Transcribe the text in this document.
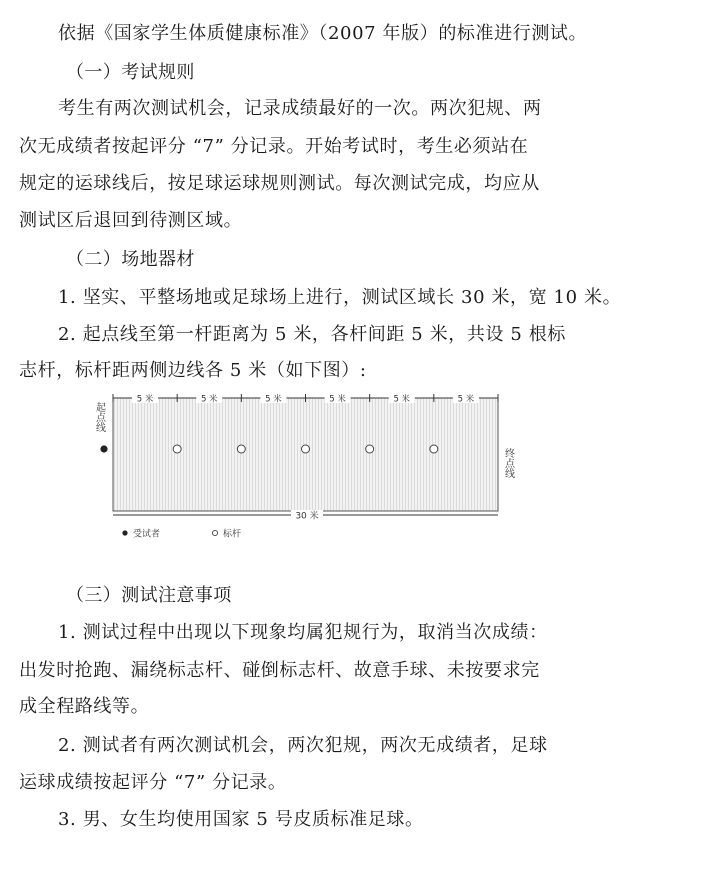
依据《国家学生体质健康标准》（2007 年版）的标准进行测试。

（一）考试规则

考生有两次测试机会，记录成绩最好的一次。两次犯规、两

次无成绩者按起评分 “7” 分记录。开始考试时，考生必须站在

规定的运球线后，按足球运球规则测试。每次测试完成，均应从

测试区后退回到待测区域。

（二）场地器材

1. 坚实、平整场地或足球场上进行，测试区域长 30 米，宽 10 米。

2. 起点线至第一杆距离为 5 米，各杆间距 5 米，共设 5 根标

志杆，标杆距两侧边线各 5 米（如下图）:

5 米	5 米	5 米	5 米	5 米	5 米
起点线
终点线
30 米
受试者	标杆

（三）测试注意事项

1. 测试过程中出现以下现象均属犯规行为，取消当次成绩：

出发时抢跑、漏绕标志杆、碰倒标志杆、故意手球、未按要求完

成全程路线等。

2. 测试者有两次测试机会，两次犯规，两次无成绩者，足球

运球成绩按起评分 “7” 分记录。

3. 男、女生均使用国家 5 号皮质标准足球。
